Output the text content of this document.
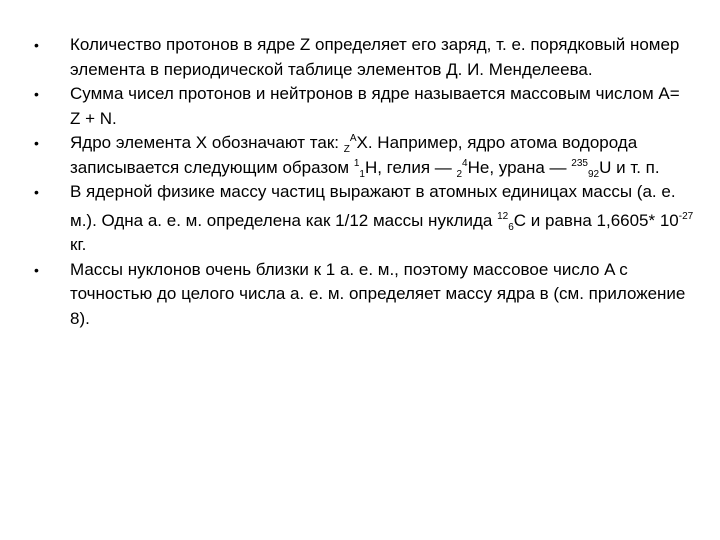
• Количество протонов в ядре Z определяет его заряд, т. е. порядковый номер элемента в периодической таблице элементов Д. И. Менделеева.
• Сумма чисел протонов и нейтронов в ядре называется массовым числом A= Z + N.
• Ядро элемента X обозначают так: $_Z^A$X. Например, ядро атома водорода записывается следующим образом $^1_1$H, гелия — $_2^4$He, урана — $^{235}_{92}$U и т. п.
• В ядерной физике массу частиц выражают в атомных единицах массы (а. е. м.). Одна а. е. м. определена как 1/12 массы нуклида $^{12}_6$C и равна 1,6605* $10^{-27}$ кг.
• Массы нуклонов очень близки к 1 а. е. м., поэтому массовое число A с точностью до целого числа а. е. м. определяет массу ядра в (см. приложение 8).
